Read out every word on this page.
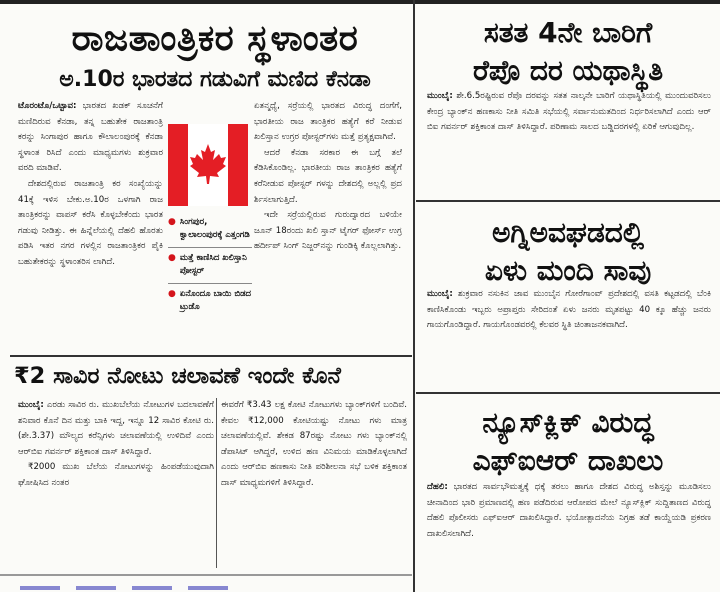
ರಾಜತಾಂತ್ರಿಕರ ಸ್ಥಳಾಂತರ
ಅ.10ರ ಭಾರತದ ಗಡುವಿಗೆ ಮಣಿದ ಕೆನಡಾ

ಟೊರಂಟೊ/ಒಟ್ಟಾವ: ಭಾರತದ ಖಡಕ್ ಸೂಚನೆಗೆ ಮಣಿದಿರುವ ಕೆನಡಾ, ತನ್ನ ಬಹುತೇಕ ರಾಜತಾಂತ್ರಿ ಕರನ್ನು ಸಿಂಗಾಪುರ ಹಾಗೂ ಕೌಲಾಲಂಪುರಕ್ಕೆ ಕೆನಡಾ ಸ್ಥಳಾಂತ ರಿಸಿದೆ ಎಂದು ಮಾಧ್ಯಮಗಳು ಶುಕ್ರವಾರ ವರದಿ ಮಾಡಿವೆ.

ದೇಶದಲ್ಲಿರುವ ರಾಜತಾಂತ್ರಿ ಕರ ಸಂಖ್ಯೆಯನ್ನು 41ಕ್ಕೆ ಇಳಿಸ ಬೇಕು.ಅ.10ರ ಒಳಗಾಗಿ ರಾಜ ತಾಂತ್ರಿಕರನ್ನು ವಾಪಸ್ ಕರೆಸಿ ಕೊಳ್ಳಬೇಕೆಂದು ಭಾರತ ಗಡುವು ನೀಡಿತ್ತು. ಈ ಹಿನ್ನೆಲೆಯಲ್ಲಿ ದೆಹಲಿ ಹೊರತು ಪಡಿಸಿ ಇತರ ನಗರ ಗಳಲ್ಲಿನ ರಾಜತಾಂತ್ರಿಕರ ಪೈಕಿ ಬಹುತೇಕರನ್ನು ಸ್ಥಳಾಂತರಿಸ ಲಾಗಿದೆ.

● ಸಿಂಗಪುರ, ಕ್ವಾಲಾಲಂಪುರಕ್ಕೆ ಎತ್ತಂಗಡಿ
● ಮತ್ತೆ ಕಾಣಿಸಿದ ಖಲಿಸ್ತಾನಿ ಪೋಸ್ಟರ್
● ಏನೊಂದೂ ಬಾಯಿ ಬಿಡದ ಟ್ರುಡೊ

ಏತನ್ಮಧ್ಯೆ, ಸರ್‍ರೆಯಲ್ಲಿ ಭಾರತದ ವಿರುದ್ಧ ದಂಗೆಗೆ, ಭಾರತೀಯ ರಾಜ ತಾಂತ್ರಿಕರ ಹತ್ಯೆಗೆ ಕರೆ ನೀಡುವ ಖಲಿಸ್ತಾನ ಉಗ್ರರ ಪೋಸ್ಟರ್‌ಗಳು ಮತ್ತೆ ಪ್ರತ್ಯಕ್ಷವಾಗಿವೆ.

ಆದರೆ ಕೆನಡಾ ಸರಕಾರ ಈ ಬಗ್ಗೆ ತಲೆ ಕೆಡಿಸಿಕೊಂಡಿಲ್ಲ. ಭಾರತೀಯ ರಾಜ ತಾಂತ್ರಿಕರ ಹತ್ಯೆಗೆ ಕರೆನೀಡುವ ಪೋಸ್ಟರ್ ಗಳನ್ನು ದೇಶದಲ್ಲಿ ಅಲ್ಲಲ್ಲಿ ಪ್ರದ ರ್ಶಿಸಲಾಗುತ್ತಿದೆ.

ಇದೇ ಸರ್‍ರೆಯಲ್ಲಿರುವ ಗುರುದ್ವಾರದ ಬಳಿಯೇ ಜೂನ್ 18ರಂದು ಖಲಿ ಸ್ತಾನ್ ಟೈಗರ್ ಫೋರ್ಸ್ ಉಗ್ರ ಹರ್ದೀಪ್ ಸಿಂಗ್ ನಿಜ್ಜರ್‌ನನ್ನು ಗುಂಡಿಕ್ಕಿ ಕೊಲ್ಲಲಾಗಿತ್ತು.

₹2 ಸಾವಿರ ನೋಟು ಚಲಾವಣೆ ಇಂದೇ ಕೊನೆ

ಮುಂಬೈ: ಎರಡು ಸಾವಿರ ರು. ಮುಖಬೆಲೆಯ ನೋಟುಗಳ ಬದಲಾವಣೆಗೆ ಶನಿವಾರ ಕೊನೆ ದಿನ ಮತ್ತು ಬಾಕಿ ಇದ್ದ, ಇನ್ನೂ 12 ಸಾವಿರ ಕೋಟಿ ರು. (ಶೇ.3.37) ಮೌಲ್ಯದ ಕರೆನ್ಸಿಗಳು ಚಲಾವಣೆಯಲ್ಲಿ ಉಳಿದಿವೆ ಎಂದು ಆರ್‌ಬಿಐ ಗವರ್ನರ್ ಶಕ್ತಿಕಾಂತ ದಾಸ್ ತಿಳಿಸಿದ್ದಾರೆ.

₹2000 ಮುಖ ಬೆಲೆಯ ನೋಟುಗಳನ್ನು ಹಿಂಪಡೆಯುವುದಾಗಿ ಘೋಷಿಸಿದ ನಂತರ

ಈವರೆಗೆ ₹3.43 ಲಕ್ಷ ಕೋಟಿ ನೋಟುಗಳು ಬ್ಯಾಂಕ್‌ಗಳಿಗೆ ಬಂದಿವೆ. ಕೇವಲ ₹12,000 ಕೋಟಿಯಷ್ಟು ನೋಟು ಗಳು ಮಾತ್ರ ಚಲಾವಣೆಯಲ್ಲಿವೆ. ಶೇಕಡ 87ರಷ್ಟು ನೋಟು ಗಳು ಬ್ಯಾಂಕ್‌ನಲ್ಲಿ ಡೆಪಾಸಿಟ್ ಆಗಿದ್ದರೆ, ಉಳಿದ ಹಣ ವಿನಿಮಯ ಮಾಡಿಕೊಳ್ಳಲಾಗಿದೆ ಎಂದು ಆರ್‌ಬಿಐ ಹಣಕಾಸು ನೀತಿ ಪರಿಶೀಲನಾ ಸಭೆ ಬಳಿಕ ಶಕ್ತಿಕಾಂತ ದಾಸ್ ಮಾಧ್ಯಮಗಳಿಗೆ ತಿಳಿಸಿದ್ದಾರೆ.

ಸತತ 4ನೇ ಬಾರಿಗೆ
ರೆಪೊ ದರ ಯಥಾಸ್ಥಿತಿ

ಮುಂಬೈ: ಶೇ.6.5ರಷ್ಟಿರುವ ರೆಪೊ ದರವನ್ನು ಸತತ ನಾಲ್ಕನೇ ಬಾರಿಗೆ ಯಥಾಸ್ಥಿತಿಯಲ್ಲಿ ಮುಂದುವರಿಸಲು ಕೇಂದ್ರ ಬ್ಯಾಂಕ್‌ನ ಹಣಕಾಸು ನೀತಿ ಸಮಿತಿ ಸಭೆಯಲ್ಲಿ ಸರ್ವಾನುಮತದಿಂದ ನಿರ್ಧರಿಸಲಾಗಿದೆ ಎಂದು ಆರ್ ಬಿಐ ಗವರ್ನರ್ ಶಕ್ತಿಕಾಂತ ದಾಸ್ ತಿಳಿಸಿದ್ದಾರೆ. ಪರಿಣಾಮ ಸಾಲದ ಬಡ್ಡಿದರಗಳಲ್ಲಿ ಏರಿಕೆ ಆಗುವುದಿಲ್ಲ.

ಅಗ್ನಿಅವಘಡದಲ್ಲಿ
ಏಳು ಮಂದಿ ಸಾವು

ಮುಂಬೈ: ಶುಕ್ರವಾರ ನಸುಕಿನ ಜಾವ ಮುಂಬೈನ ಗೋರೆಗಾಂವ್ ಪ್ರದೇಶದಲ್ಲಿ ವಸತಿ ಕಟ್ಟಡದಲ್ಲಿ ಬೆಂಕಿ ಕಾಣಿಸಿಕೊಂಡು ಇಬ್ಬರು ಅಪ್ರಾಪ್ತರು ಸೇರಿದಂತೆ ಏಳು ಜನರು ಮೃತಪಟ್ಟು 40 ಕ್ಕೂ ಹೆಚ್ಚು ಜನರು ಗಾಯಗೊಂಡಿದ್ದಾರೆ. ಗಾಯಗೊಂಡವರಲ್ಲಿ ಕೆಲವರ ಸ್ಥಿತಿ ಚಿಂತಾಜನಕವಾಗಿದೆ.

ನ್ಯೂಸ್‌ಕ್ಲಿಕ್ ವಿರುದ್ಧ
ಎಫ್‌ಐಆರ್ ದಾಖಲು

ದೆಹಲಿ: ಭಾರತದ ಸಾರ್ವಭೌಮತ್ವಕ್ಕೆ ಧಕ್ಕೆ ತರಲು ಹಾಗೂ ದೇಶದ ವಿರುದ್ಧ ಅಶಿಸ್ತನ್ನು ಮೂಡಿಸಲು ಚೀನಾದಿಂದ ಭಾರಿ ಪ್ರಮಾಣದಲ್ಲಿ ಹಣ ಪಡೆದಿರುವ ಆರೋಪದ ಮೇಲೆ ನ್ಯೂಸ್‌ಕ್ಲಿಕ್ ಸುದ್ದಿತಾಣದ ವಿರುದ್ಧ ದೆಹಲಿ ಪೊಲೀಸರು ಎಫ್‌ಐಆರ್ ದಾಖಲಿಸಿದ್ದಾರೆ. ಭಯೋತ್ಪಾದನೆಯ ನಿಗ್ರಹ ತಡೆ ಕಾಯ್ದೆಯಡಿ ಪ್ರಕರಣ ದಾಖಲಿಸಲಾಗಿದೆ.
